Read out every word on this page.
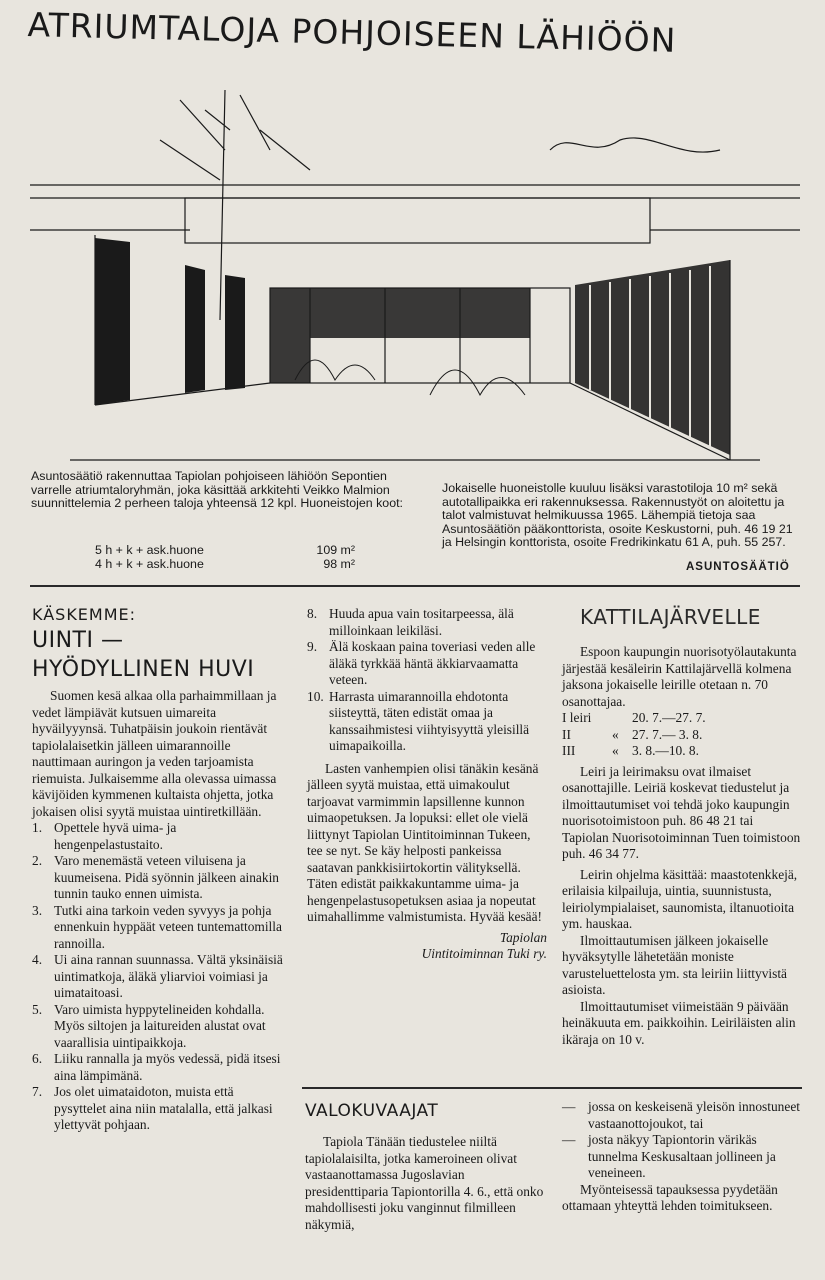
ATRIUMTALOJA POHJOISEEN LÄHIÖÖN
Asuntosäätiö rakennuttaa Tapiolan pohjoiseen lähiöön Sepontien varrelle atriumtaloryhmän, joka käsittää arkkitehti Veikko Malmion suunnittelemia 2 perheen taloja yhteensä 12 kpl. Huoneistojen koot:
5 h + k + ask.huone	109 m²
4 h + k + ask.huone	98 m²
Jokaiselle huoneistolle kuuluu lisäksi varastotiloja 10 m² sekä autotallipaikka eri rakennuksessa. Rakennustyöt on aloitettu ja talot valmistuvat helmikuussa 1965. Lähempiä tietoja saa Asuntosäätiön pääkonttorista, osoite Keskustorni, puh. 46 19 21 ja Helsingin konttorista, osoite Fredrikinkatu 61 A, puh. 55 257.
ASUNTOSÄÄTIÖ
KÄSKEMME:
UINTI —
HYÖDYLLINEN HUVI

Suomen kesä alkaa olla parhaimmillaan ja vedet lämpiävät kutsuen uimareita hyväilyyynsä. Tuhatpäisin joukoin rientävät tapiolalaisetkin jälleen uimarannoille nauttimaan auringon ja veden tarjoamista riemuista. Julkaisemme alla olevassa uimassa kävijöiden kymmenen kultaista ohjetta, jotka jokaisen olisi syytä muistaa uintiretkillään.

1. Opettele hyvä uima- ja hengenpelastustaito.
2. Varo menemästä veteen viluisena ja kuumeisena. Pidä syönnin jälkeen ainakin tunnin tauko ennen uimista.
3. Tutki aina tarkoin veden syvyys ja pohja ennenkuin hyppäät veteen tuntemattomilla rannoilla.
4. Ui aina rannan suunnassa. Vältä yksinäisiä uintimatkoja, äläkä yliarvioi voimiasi ja uimataitoasi.
5. Varo uimista hyppytelineiden kohdalla. Myös siltojen ja laitureiden alustat ovat vaarallisia uintipaikkoja.
6. Liiku rannalla ja myös vedessä, pidä itsesi aina lämpimänä.
7. Jos olet uimataidoton, muista että pysyttelet aina niin matalalla, että jalkasi ylettyvät pohjaan.
8. Huuda apua vain tositarpeessa, älä milloinkaan leikiläsi.
9. Älä koskaan paina toveriasi veden alle äläkä tyrkkää häntä äkkiarvaamatta veteen.
10. Harrasta uimarannoilla ehdotonta siisteyttä, täten edistät omaa ja kanssaihmistesi viihtyisyyttä yleisillä uimapaikoilla.

Lasten vanhempien olisi tänäkin kesänä jälleen syytä muistaa, että uimakoulut tarjoavat varmimmin lapsillenne kunnon uimaopetuksen. Ja lopuksi: ellet ole vielä liittynyt Tapiolan Uintitoiminnan Tukeen, tee se nyt. Se käy helposti pankeissa saatavan pankkisiirtokortin välityksellä. Täten edistät paikkakuntamme uima- ja hengenpelastusopetuksen asiaa ja nopeutat uimahallimme valmistumista. Hyvää kesää!

Tapiolan
Uintitoiminnan Tuki ry.
KATTILAJÄRVELLE

Espoon kaupungin nuorisotyölautakunta järjestää kesäleirin Kattilajärvellä kolmena jaksona jokaiselle leirille otetaan n. 70 osanottajaa.

I leiri	20. 7.—27. 7.
II	« 27. 7.— 3. 8.
III	« 3. 8.—10. 8.

Leiri ja leirimaksu ovat ilmaiset osanottajille. Leiriä koskevat tiedustelut ja ilmoittautumiset voi tehdä joko kaupungin nuorisotoimistoon puh. 86 48 21 tai Tapiolan Nuorisotoiminnan Tuen toimistoon puh. 46 34 77.

Leirin ohjelma käsittää: maastotenkkejä, erilaisia kilpailuja, uintia, suunnistusta, leiriolympialaiset, saunomista, iltanuotioita ym. hauskaa.

Ilmoittautumisen jälkeen jokaiselle hyväksytylle lähetetään moniste varusteluettelosta ym. sta leiriin liittyvistä asioista.

Ilmoittautumiset viimeistään 9 päivään heinäkuuta em. paikkoihin. Leiriläisten alin ikäraja on 10 v.

VALOKUVAAJAT

Tapiola Tänään tiedustelee niiltä tapiolalaisilta, jotka kameroineen olivat vastaanottamassa Jugoslavian presidenttiparia Tapiontorilla 4. 6., että onko mahdollisesti joku vanginnut filmilleen näkymiä,

— jossa on keskeisenä yleisön innostuneet vastaanottojoukot, tai
— josta näkyy Tapiontorin värikäs tunnelma Keskusaltaan jollineen ja veneineen.

Myönteisessä tapauksessa pyydetään ottamaan yhteyttä lehden toimitukseen.
